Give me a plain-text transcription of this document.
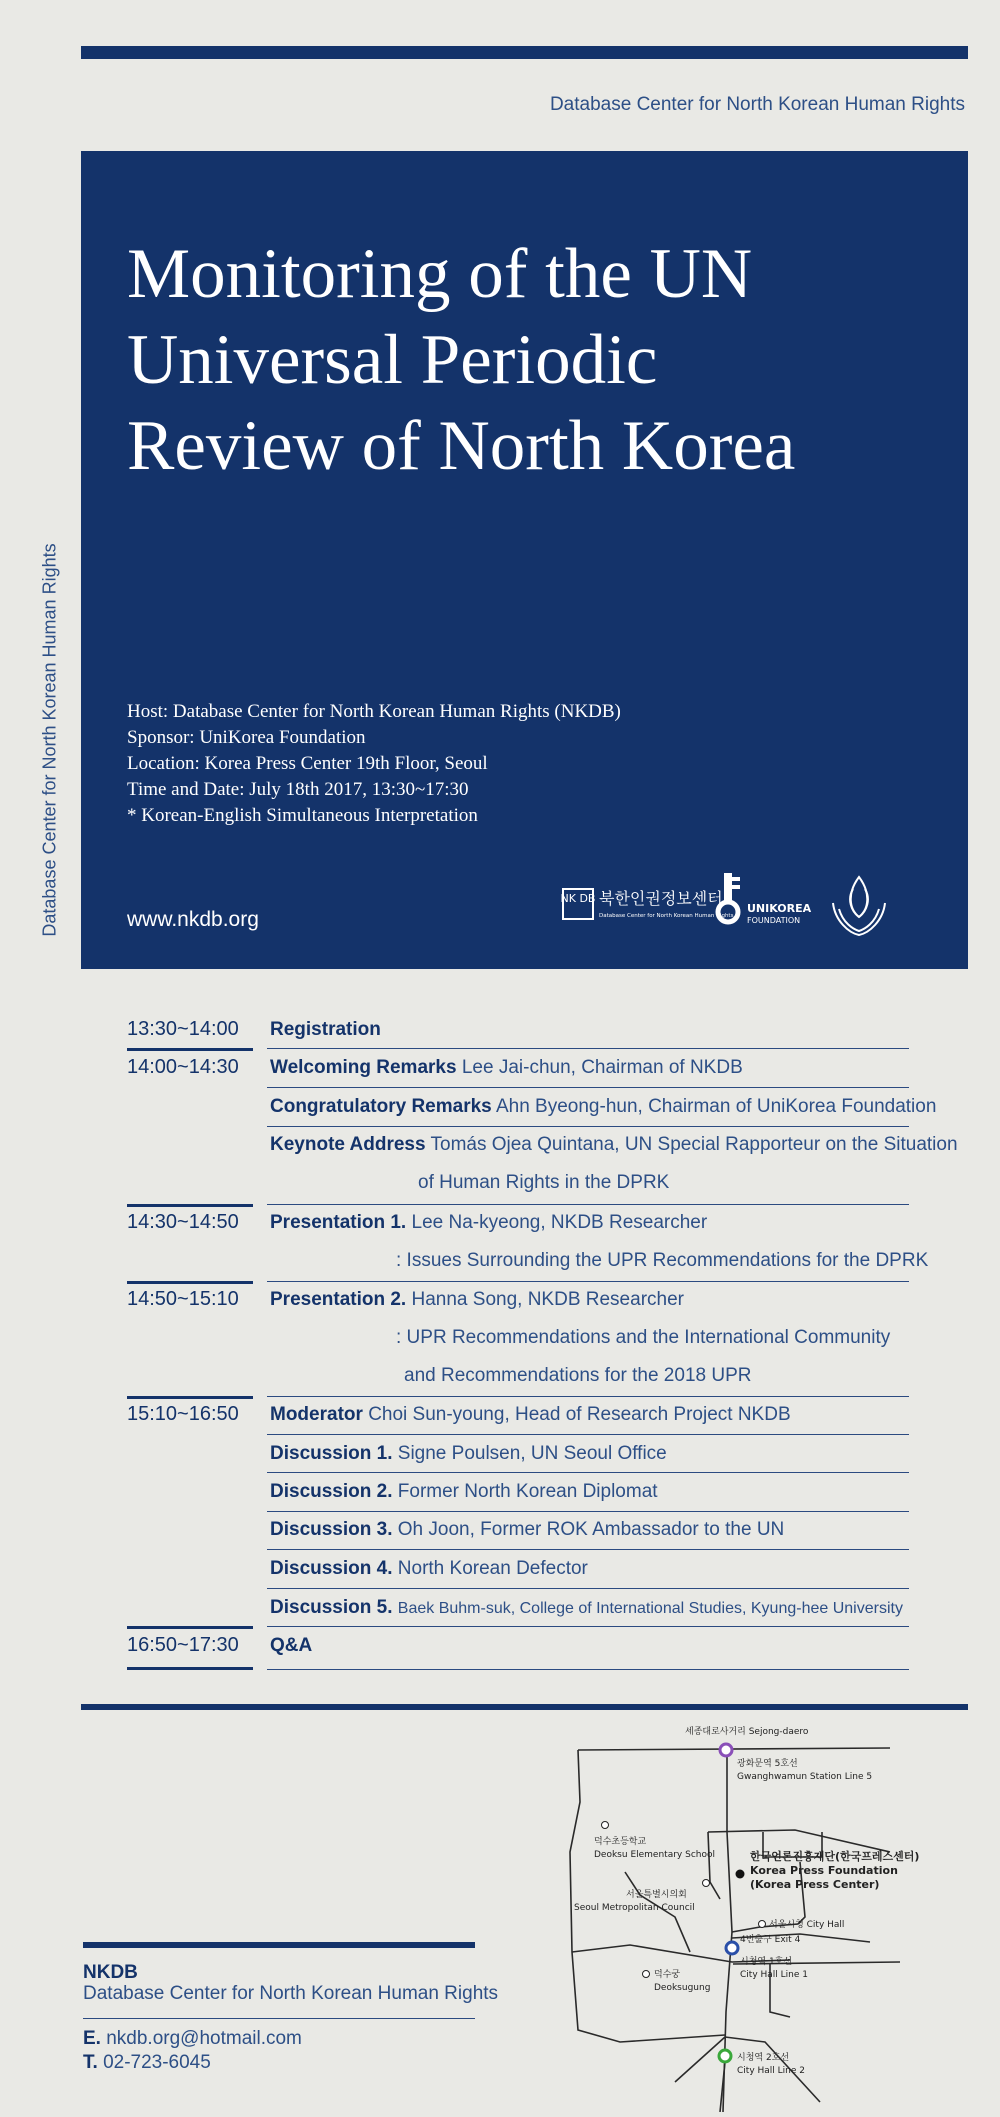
Database Center for North Korean Human Rights
Database Center for North Korean Human Rights
Monitoring of the UN Universal Periodic Review of North Korea
Host: Database Center for North Korean Human Rights (NKDB)
Sponsor: UniKorea Foundation
Location: Korea Press Center 19th Floor, Seoul
Time and Date: July 18th 2017, 13:30~17:30
* Korean-English Simultaneous Interpretation
www.nkdb.org
NK DB 북한인권정보센터
Database Center for North Korean Human Rights
UNIKOREA
FOUNDATION
13:30~14:00
14:00~14:30
14:30~14:50
14:50~15:10
15:10~16:50
16:50~17:30
Registration
Welcoming Remarks Lee Jai-chun, Chairman of NKDB
Congratulatory Remarks Ahn Byeong-hun, Chairman of UniKorea Foundation
Keynote Address Tomás Ojea Quintana, UN Special Rapporteur on the Situation
of Human Rights in the DPRK
Presentation 1. Lee Na-kyeong, NKDB Researcher
: Issues Surrounding the UPR Recommendations for the DPRK
Presentation 2. Hanna Song, NKDB Researcher
: UPR Recommendations and the International Community
and Recommendations for the 2018 UPR
Moderator Choi Sun-young, Head of Research Project NKDB
Discussion 1. Signe Poulsen, UN Seoul Office
Discussion 2. Former North Korean Diplomat
Discussion 3. Oh Joon, Former ROK Ambassador to the UN
Discussion 4. North Korean Defector
Discussion 5. Baek Buhm-suk, College of International Studies, Kyung-hee University
Q&A
NKDB
Database Center for North Korean Human Rights
E. nkdb.org@hotmail.com
T. 02-723-6045
세종대로사거리 Sejong-daero
광화문역 5호선
Gwanghwamun Station Line 5
덕수초등학교
Deoksu Elementary School	한국언론진흥재단(한국프레스센터)
Korea Press Foundation
(Korea Press Center)
서울특별시의회
Seoul Metropolitan Council
서울시청 City Hall
4번출구 Exit 4
시청역 1호선
City Hall Line 1
덕수궁
Deoksugung
시청역 2호선
City Hall Line 2
